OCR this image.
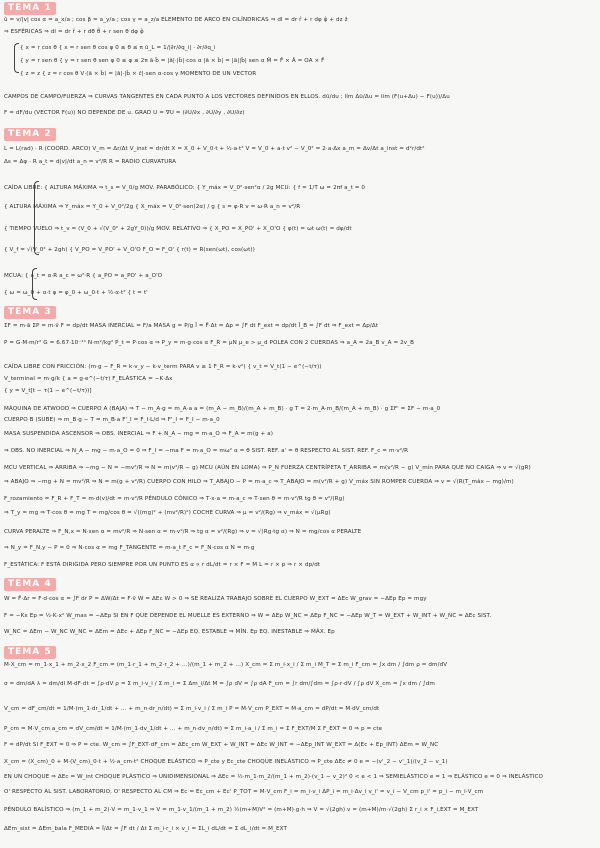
TEMA 1
û = v/|v| cos α = a_x/a ; cos β = a_y/a ; cos γ = a_z/a ELEMENTO DE ARCO EN CILÍNDRICAS ⇒ dl = dr r̂ + r dφ φ̂ + dz ẑ
⇒ ESFÉRICAS ⇒ dl = dr r̂ + r dθ θ̂ + r sen θ dφ φ̂
{ x = r cos θ { x = r sen θ cos φ 0 ≤ θ ≤ π ū_L = 1/|∂r/∂q_i| · ∂r/∂q_i
{ y = r sen θ { y = r sen θ sen φ 0 ≤ φ ≤ 2π ā·b̄ = |ā|·|b̄|·cos α |ā × b̄| = |ā||b̄| sen α M̄ = F̄ × Ā = OA × F̄
{ z = z { z = r cos θ V·(ā × b̄) = |ā|·|b̄ × c̄|·sen α·cos γ MOMENTO DE UN VECTOR
CAMPOS DE CAMPO/FUERZA ⇒ CURVAS TANGENTES EN CADA PUNTO A LOS VECTORES DEFINIDOS EN ELLOS. dū/du ; lím Δū/Δu = lím (F(u+Δu) − F(u))/Δu
F = dF/du (VECTOR F(u)) NO DEPENDE DE u. GRAD U = ∇U = (∂U/∂x , ∂U/∂y , ∂U/∂z)
TEMA 2
L = L(rad) · R (COORD. ARCO) V_m = Δr/Δt V_inst = dr/dt X = X_0 + V_0·t + ½·a·t² V = V_0 + a·t v² − V_0² = 2·a·Δx a_m = Δv/Δt a_inst = d²r/dt²
Δs = Δφ · R a_t = d|v|/dt a_n = v²/R R = RADIO CURVATURA
CAÍDA LIBRE: { ALTURA MÁXIMA ⇒ t_s = V_0/g MOV. PARABÓLICO: { Y_máx = V_0²·sen²α / 2g MCU: { f = 1/T ω = 2πf a_t = 0
{ ALTURA MÁXIMA ⇒ Y_máx = Y_0 + V_0²/2g { X_máx = V_0²·sen(2α) / g { s = φ·R v = ω·R a_n = v²/R
{ TIEMPO VUELO ⇒ t_v = (V_0 + √(V_0² + 2gY_0))/g MOV. RELATIVO ⇒ { X_PO = X_PO' + X_O'O { φ(t) = ωt ω(t) = dφ/dt
{ V_f = √(V_0² + 2gh) { V_PO = V_PO' + V_O'O F_O = F_O' { r(t) = R(sen(ωt), cos(ωt))
MCUA: { a_t = α·R a_c = ω²·R { a_PO = a_PO' + a_O'O
{ ω = ω_0 + α·t φ = φ_0 + ω_0·t + ½·α·t² { t = t'
TEMA 3
ΣF = m·ā ΣP = m·v̄ F = dp/dt MASA INERCIAL = F/a MASA g = P/g Ī = F̄·Δt = Δp = ∫F dt F_ext = dp/dt Ī_B = ∫F dt ⇒ F_ext = Δp/Δt
P = G·M·m/r² G = 6.67·10⁻¹¹ N·m²/kg² P_t = P·cos α ⇒ P_y = m·g·cos α F_R = μN μ_e > μ_d POLEA CON 2 CUERDAS ⇒ a_A = 2a_B v_A = 2v_B
CAÍDA LIBRE CON FRICCIÓN: (m·g − F_R = k·v_y − k·v_term PARA v ≥ 1 F_R = k·v²) { v_t = V_t(1 − e^(−t/τ))
V_terminal = m·g/k { a = g·e^(−t/τ) F_ELÁSTICA = −K·Δx
{ y = V_t[t − τ(1 − e^(−t/τ))]
MÁQUINA DE ATWOOD ⇒ CUERPO A (BAJA) ⇒ T − m_A·g = m_A·a a = (m_A − m_B)/(m_A + m_B) · g T = 2·m_A·m_B/(m_A + m_B) · g ΣF' = ΣF − m·a_0
CUERPO B (SUBE) ⇒ m_B·g − T = m_B·a F'_I = F_I·L/d ⇒ F'_I = F_I − m·a_0
MASA SUSPENDIDA ASCENSOR ⇒ OBS. INERCIAL ⇒ F + N_A − mg = m·a_O ⇒ F_A = m(g + a)
⇒ OBS. NO INERCIAL ⇒ N_A − mg − m·a_O = 0 ⇒ F_I = −ma F = m·a_O = mω² α = θ SIST. REF. a' = θ RESPECTO AL SIST. REF. F_c = m·v²/R
MCU VERTICAL ⇒ ARRIBA ⇒ −mg − N = −mv²/R ⇒ N = m(v²/R − g) MCU (AÚN EN LOMA) ⇒ P_N FUERZA CENTRÍPETA T_ARRIBA = m(v²/R − g) V_mín PARA QUE NO CAIGA ⇒ v = √(gR)
⇒ ABAJO ⇒ −mg + N = mv²/R ⇒ N = m(g + v²/R) CUERPO CON HILO ⇒ T_ABAJO − P = m·a_c ⇒ T_ABAJO = m(v²/R + g) V_máx SIN ROMPER CUERDA ⇒ v = √(R(T_máx − mg)/m)
F_rozamiento = F_R + F_T = m·d(v)/dt = m·v²/R PÉNDULO CÓNICO ⇒ T·x·a = m·a_c ⇒ T·sen θ = m·v²/R tg θ = v²/(Rg)
⇒ T_y = mg ⇒ T·cos θ = mg T = mg/cos θ = √((mg)² + (mv²/R)²) COCHE CURVA ⇒ μ = v²/(Rg) ⇒ v_máx = √(μRg)
CURVA PERALTE ⇒ F_N,x = N·sen α = mv²/R ⇒ N·sen α = m·v²/R ⇒ tg α = v²/(Rg) ⇒ v = √(Rg·tg α) ⇒ N = mg/cos α PERALTE
⇒ N_y = F_N,y − P = 0 ⇒ N·cos α = mg F_TANGENTE = m·a_t F_c = F_N·cos α N = m·g
F_ESTÁTICA: F ESTÁ DIRIGIDA PERO SIEMPRE POR UN PUNTO ES α ∝ r dL/dt = r × F = M L = r × p ⇒ r × dp/dt
TEMA 4
W = F̄·Δr = F·d·cos α = ∫F dr P = ΔW/Δt = F·v̄ W = ΔEc W > 0 ⇒ SE REALIZA TRABAJO SOBRE EL CUERPO W_EXT = ΔEc W_grav = −ΔEp Ep = mgy
F = −Kx Ep = ½·K·x² W_mas = −ΔEp SI EN F QUE DEPENDE EL MUELLE ES EXTERNO ⇒ W = ΔEp W_NC = ΔEp F_NC = −ΔEp W_T = W_EXT + W_INT + W_NC = ΔEc SIST.
W_NC = ΔEm − W_NC W_NC = ΔEm = ΔEc + ΔEp F_NC = −ΔEp EQ. ESTABLE ⇒ MÍN. Ep EQ. INESTABLE ⇒ MÁX. Ep
TEMA 5
M·X_cm = m_1·x_1 + m_2·x_2 F_cm = (m_1·r_1 + m_2·r_2 + ...)/(m_1 + m_2 + ...) X_cm = Σ m_i·x_i / Σ m_i M_T = Σ m_i F_cm = ∫x dm / ∫dm ρ = dm/dV
σ = dm/dA λ = dm/dl M·dF·dt = ∫ρ·dV ρ = Σ m_i·v_i / Σ m_i = Σ Δm_i/Δt M = ∫ρ dV = ∫ρ dA F_cm = ∫r dm/∫dm = ∫ρ·r·dV / ∫ρ dV X_cm = ∫x dm / ∫dm
V_cm = dF_cm/dt = 1/M·(m_1·dr_1/dt + ... + m_n·dr_n/dt) = Σ m_i·v_i / Σ m_i P = M·V_cm P_EXT = M·a_cm = dP/dt = M·dV_cm/dt
P_cm = M·V_cm a_cm = dV_cm/dt = 1/M·(m_1·dv_1/dt + ... + m_n·dv_n/dt) = Σ m_i·a_i / Σ m_i = Σ F_EXT/M Σ F_EXT = 0 ⇒ p = cte
F = dP/dt SI F_EXT = 0 ⇒ P = cte. W_cm = ∫F_EXT·dF_cm = ΔEc_cm W_EXT + W_INT = ΔEc W_INT = −ΔEp_INT W_EXT = Δ(Ec + Ep_INT) ΔEm = W_NC
X_cm = (X_cm)_0 + M·(V_cm)_0·t + ½·a_cm·t² CHOQUE ELÁSTICO ⇒ P_cte y Ec_cte CHOQUE INELÁSTICO ⇒ P_cte ΔEc ≠ 0 e = −(v'_2 − v'_1)/(v_2 − v_1)
EN UN CHOQUE ⇒ ΔEc = W_int CHOQUE PLÁSTICO ⇒ UNIDIMENSIONAL ⇒ ΔEc = ½·m_1·m_2/(m_1 + m_2)·(v_1 − v_2)² 0 < e < 1 ⇒ SEMIELÁSTICO e = 1 ⇒ ELÁSTICO e = 0 ⇒ INELÁSTICO
O' RESPECTO AL SIST. LABORATORIO, O' RESPECTO AL CM ⇒ Ec = Ec_cm + Ec' P_TOT = M·V_cm F_i = m_i·v_i ΔP_i = m_i·Δv_i v_i' = v_i − V_cm p_i' = p_i − m_i·V_cm
PÉNDULO BALÍSTICO ⇒ (m_1 + m_2)·V = m_1·v_1 ⇒ V = m_1·v_1/(m_1 + m_2) ½(m+M)V² = (m+M)·g·h ⇒ V = √(2gh) v = (m+M)/m·√(2gh) Σ r_i × F_i,EXT = M_EXT
ΔEm_sist = ΔEm_bala F_MEDIA = Ī/Δt = ∫F dt / Δt Σ m_i·r_i × v_i = ΣL_i dL/dt = Σ dL_i/dt = M_EXT
